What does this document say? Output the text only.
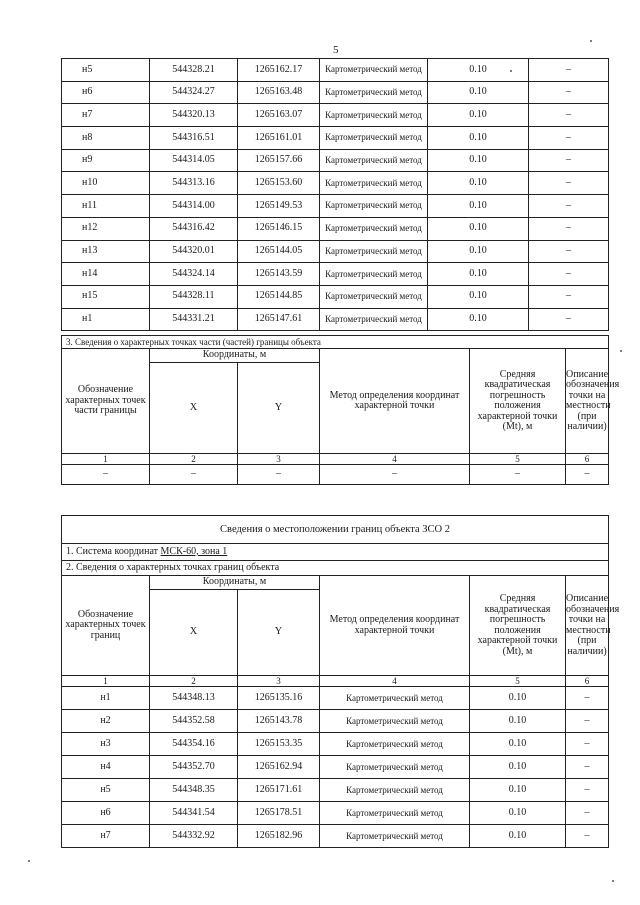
5
н5	544328.21	1265162.17	Картометрический метод	0.10	–
н6	544324.27	1265163.48	Картометрический метод	0.10	–
н7	544320.13	1265163.07	Картометрический метод	0.10	–
н8	544316.51	1265161.01	Картометрический метод	0.10	–
н9	544314.05	1265157.66	Картометрический метод	0.10	–
н10	544313.16	1265153.60	Картометрический метод	0.10	–
н11	544314.00	1265149.53	Картометрический метод	0.10	–
н12	544316.42	1265146.15	Картометрический метод	0.10	–
н13	544320.01	1265144.05	Картометрический метод	0.10	–
н14	544324.14	1265143.59	Картометрический метод	0.10	–
н15	544328.11	1265144.85	Картометрический метод	0.10	–
н1	544331.21	1265147.61	Картометрический метод	0.10	–
3. Сведения о характерных точках части (частей) границы объекта					
Обозначение характерных точек части границы	Координаты, м		Метод определения координат характерной точки	Средняя квадратическая погрешность положения характерной точки (Mt), м	Описание обозначения точки на местности (при наличии)
	X	Y			
1	2	3	4	5	6
–	–	–	–	–	–
Сведения о местоположении границ объекта ЗСО 2					
1. Система координат МСК-60, зона 1					
2. Сведения о характерных точках границ объекта					
Обозначение характерных точек границ	Координаты, м		Метод определения координат характерной точки	Средняя квадратическая погрешность положения характерной точки (Mt), м	Описание обозначения точки на местности (при наличии)
	X	Y			
1	2	3	4	5	6
н1	544348.13	1265135.16	Картометрический метод	0.10	–
н2	544352.58	1265143.78	Картометрический метод	0.10	–
н3	544354.16	1265153.35	Картометрический метод	0.10	–
н4	544352.70	1265162.94	Картометрический метод	0.10	–
н5	544348.35	1265171.61	Картометрический метод	0.10	–
н6	544341.54	1265178.51	Картометрический метод	0.10	–
н7	544332.92	1265182.96	Картометрический метод	0.10	–
